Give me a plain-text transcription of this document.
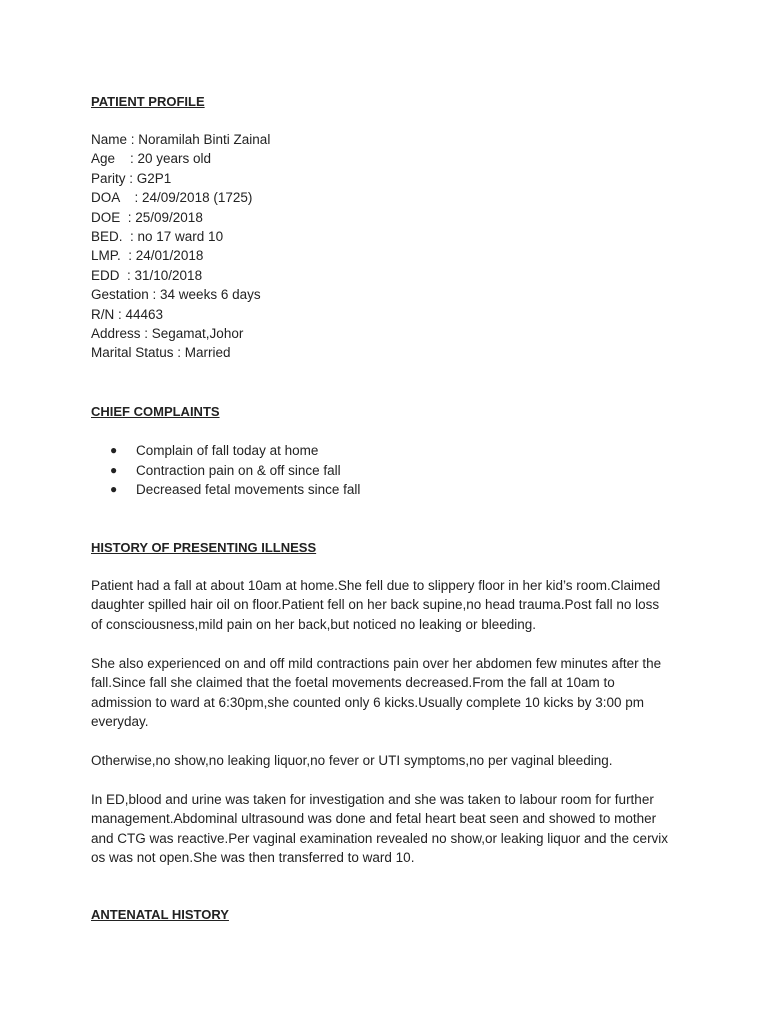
PATIENT PROFILE

Name : Noramilah Binti Zainal

Age    : 20 years old

Parity : G2P1

DOA    : 24/09/2018 (1725)

DOE  : 25/09/2018

BED.  : no 17 ward 10

LMP.  : 24/01/2018

EDD  : 31/10/2018

Gestation : 34 weeks 6 days

R/N : 44463

Address : Segamat,Johor

Marital Status : Married

CHIEF COMPLAINTS
● Complain of fall today at home
● Contraction pain on & off since fall
● Decreased fetal movements since fall
HISTORY OF PRESENTING ILLNESS

Patient had a fall at about 10am at home.She fell due to slippery floor in her kid’s room.Claimed daughter spilled hair oil on floor.Patient fell on her back supine,no head trauma.Post fall no loss of consciousness,mild pain on her back,but noticed no leaking or bleeding.

She also experienced on and off mild contractions pain over her abdomen few minutes after the fall.Since fall she claimed that the foetal movements decreased.From the fall at 10am to admission to ward at 6:30pm,she counted only 6 kicks.Usually complete 10 kicks by 3:00 pm everyday.

Otherwise,no show,no leaking liquor,no fever or UTI symptoms,no per vaginal bleeding.

In ED,blood and urine was taken for investigation and she was taken to labour room for further management.Abdominal ultrasound was done and fetal heart beat seen and showed to mother and CTG was reactive.Per vaginal examination revealed no show,or leaking liquor and the cervix os was not open.She was then transferred to ward 10.

ANTENATAL HISTORY
